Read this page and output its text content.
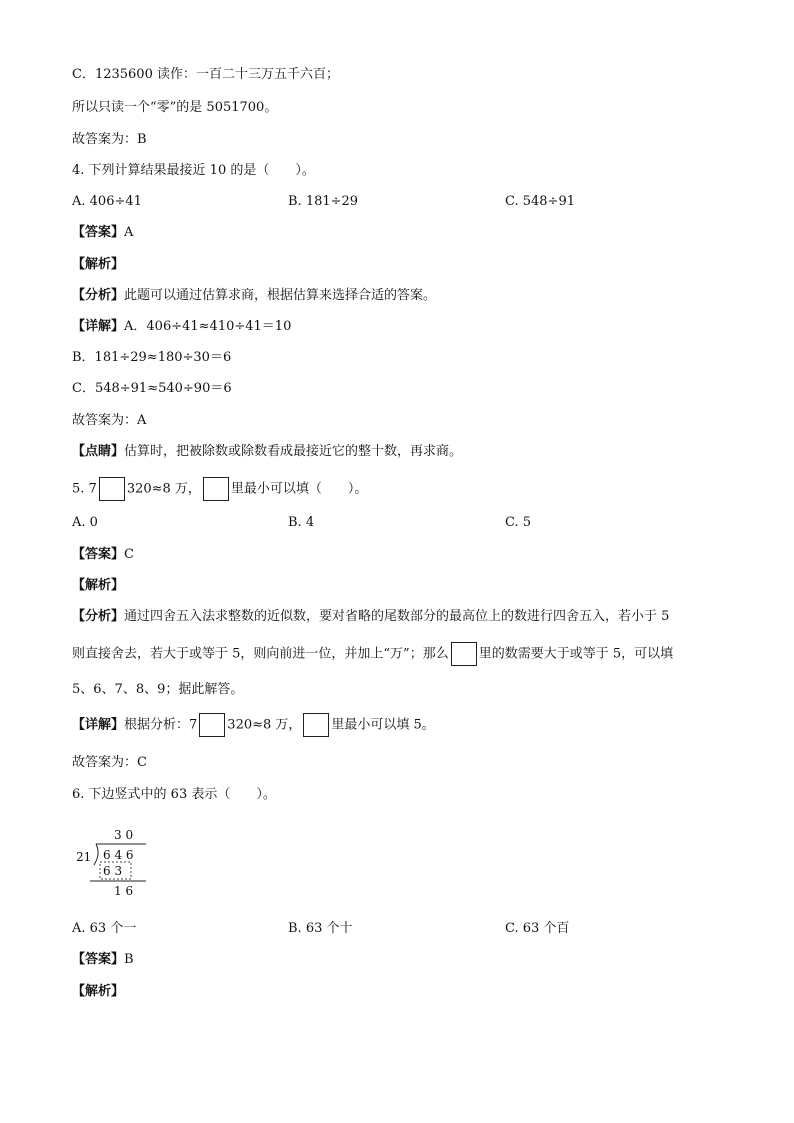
C．1235600 读作：一百二十三万五千六百；
所以只读一个“零”的是 5051700。
故答案为：B
4. 下列计算结果最接近 10 的是（　　）。
A. 406÷41	B. 181÷29	C. 548÷91
【答案】A
【解析】
【分析】此题可以通过估算求商，根据估算来选择合适的答案。
【详解】A．406÷41≈410÷41＝10
B．181÷29≈180÷30＝6
C．548÷91≈540÷90＝6
故答案为：A
【点睛】估算时，把被除数或除数看成最接近它的整十数，再求商。
5. 7 320≈8 万， 里最小可以填（　　）。
A. 0	B. 4	C. 5
【答案】C
【解析】
【分析】通过四舍五入法求整数的近似数，要对省略的尾数部分的最高位上的数进行四舍五入，若小于 5
则直接舍去，若大于或等于 5，则向前进一位，并加上“万”；那么 里的数需要大于或等于 5，可以填
5、6、7、8、9；据此解答。
【详解】根据分析：7 320≈8 万， 里最小可以填 5。
故答案为：C
6. 下边竖式中的 63 表示（　　）。
3 0
21 6 4 6
6 3
1 6
A. 63 个一	B. 63 个十	C. 63 个百
【答案】B
【解析】
